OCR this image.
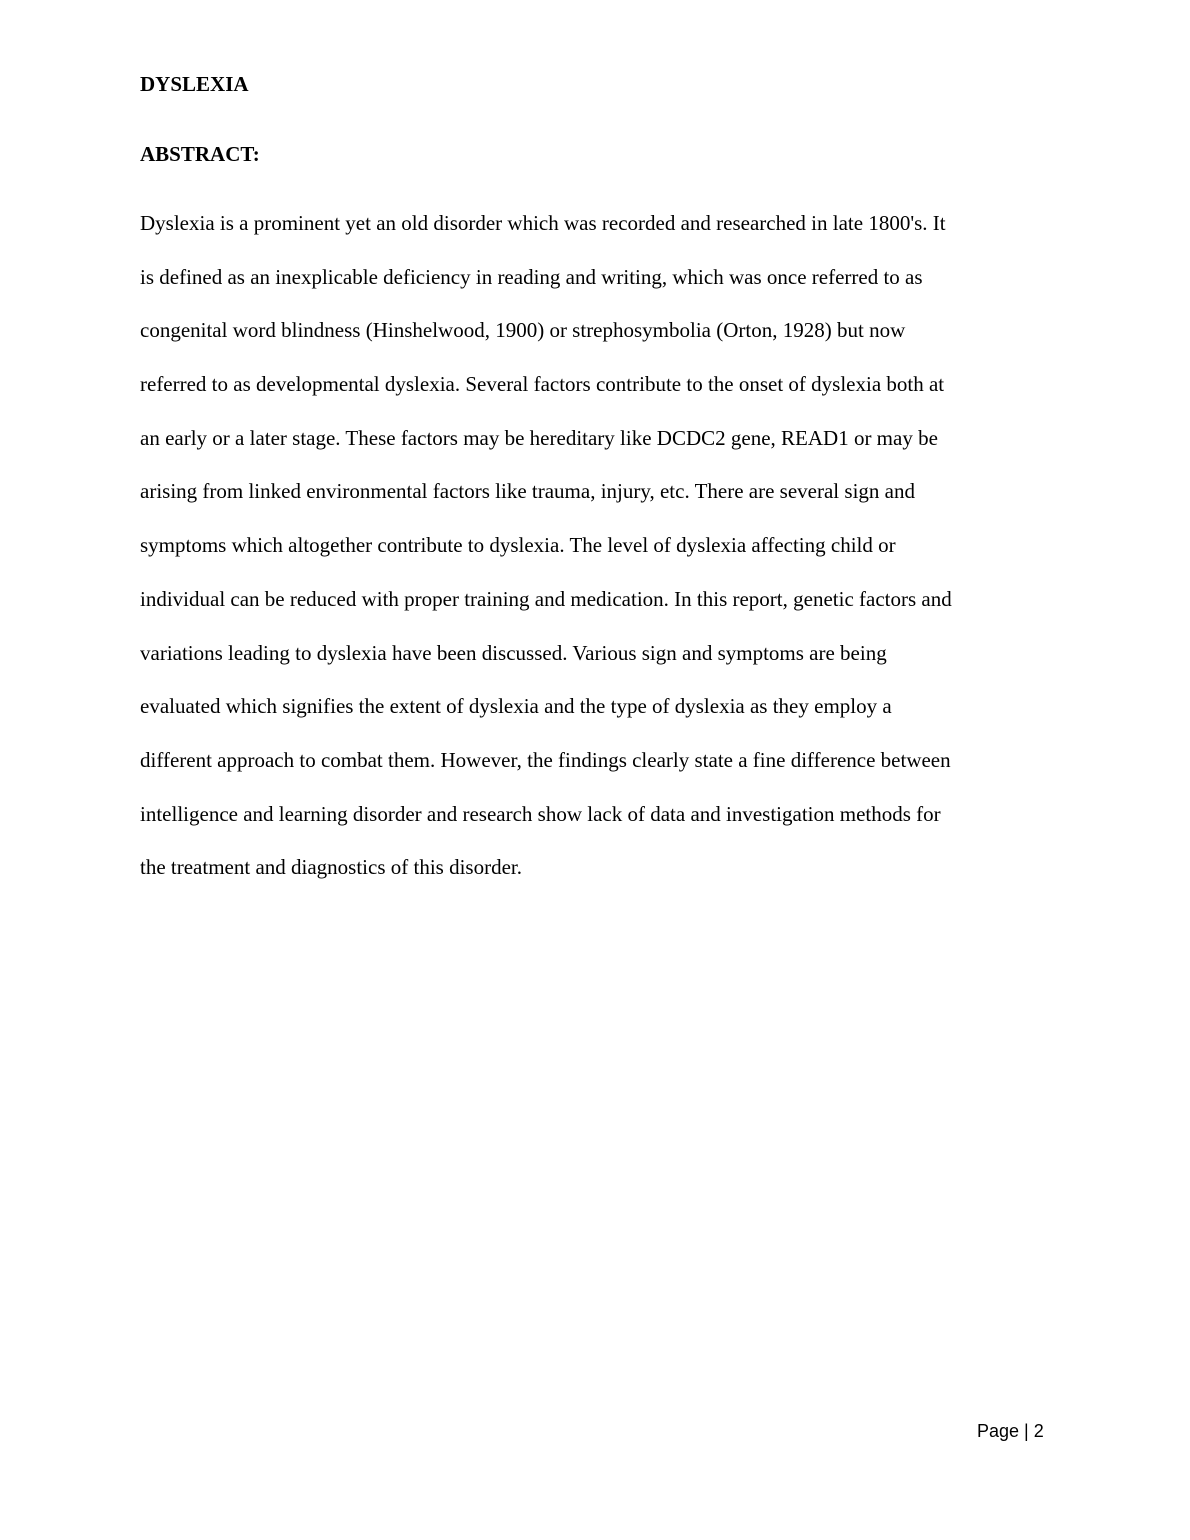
DYSLEXIA
ABSTRACT:

Dyslexia is a prominent yet an old disorder which was recorded and researched in late 1800's. It
is defined as an inexplicable deficiency in reading and writing, which was once referred to as
congenital word blindness (Hinshelwood, 1900) or strephosymbolia (Orton, 1928) but now
referred to as developmental dyslexia. Several factors contribute to the onset of dyslexia both at
an early or a later stage. These factors may be hereditary like DCDC2 gene, READ1 or may be
arising from linked environmental factors like trauma, injury, etc. There are several sign and
symptoms which altogether contribute to dyslexia. The level of dyslexia affecting child or
individual can be reduced with proper training and medication. In this report, genetic factors and
variations leading to dyslexia have been discussed. Various sign and symptoms are being
evaluated which signifies the extent of dyslexia and the type of dyslexia as they employ a
different approach to combat them. However, the findings clearly state a fine difference between
intelligence and learning disorder and research show lack of data and investigation methods for
the treatment and diagnostics of this disorder.

Page | 2
